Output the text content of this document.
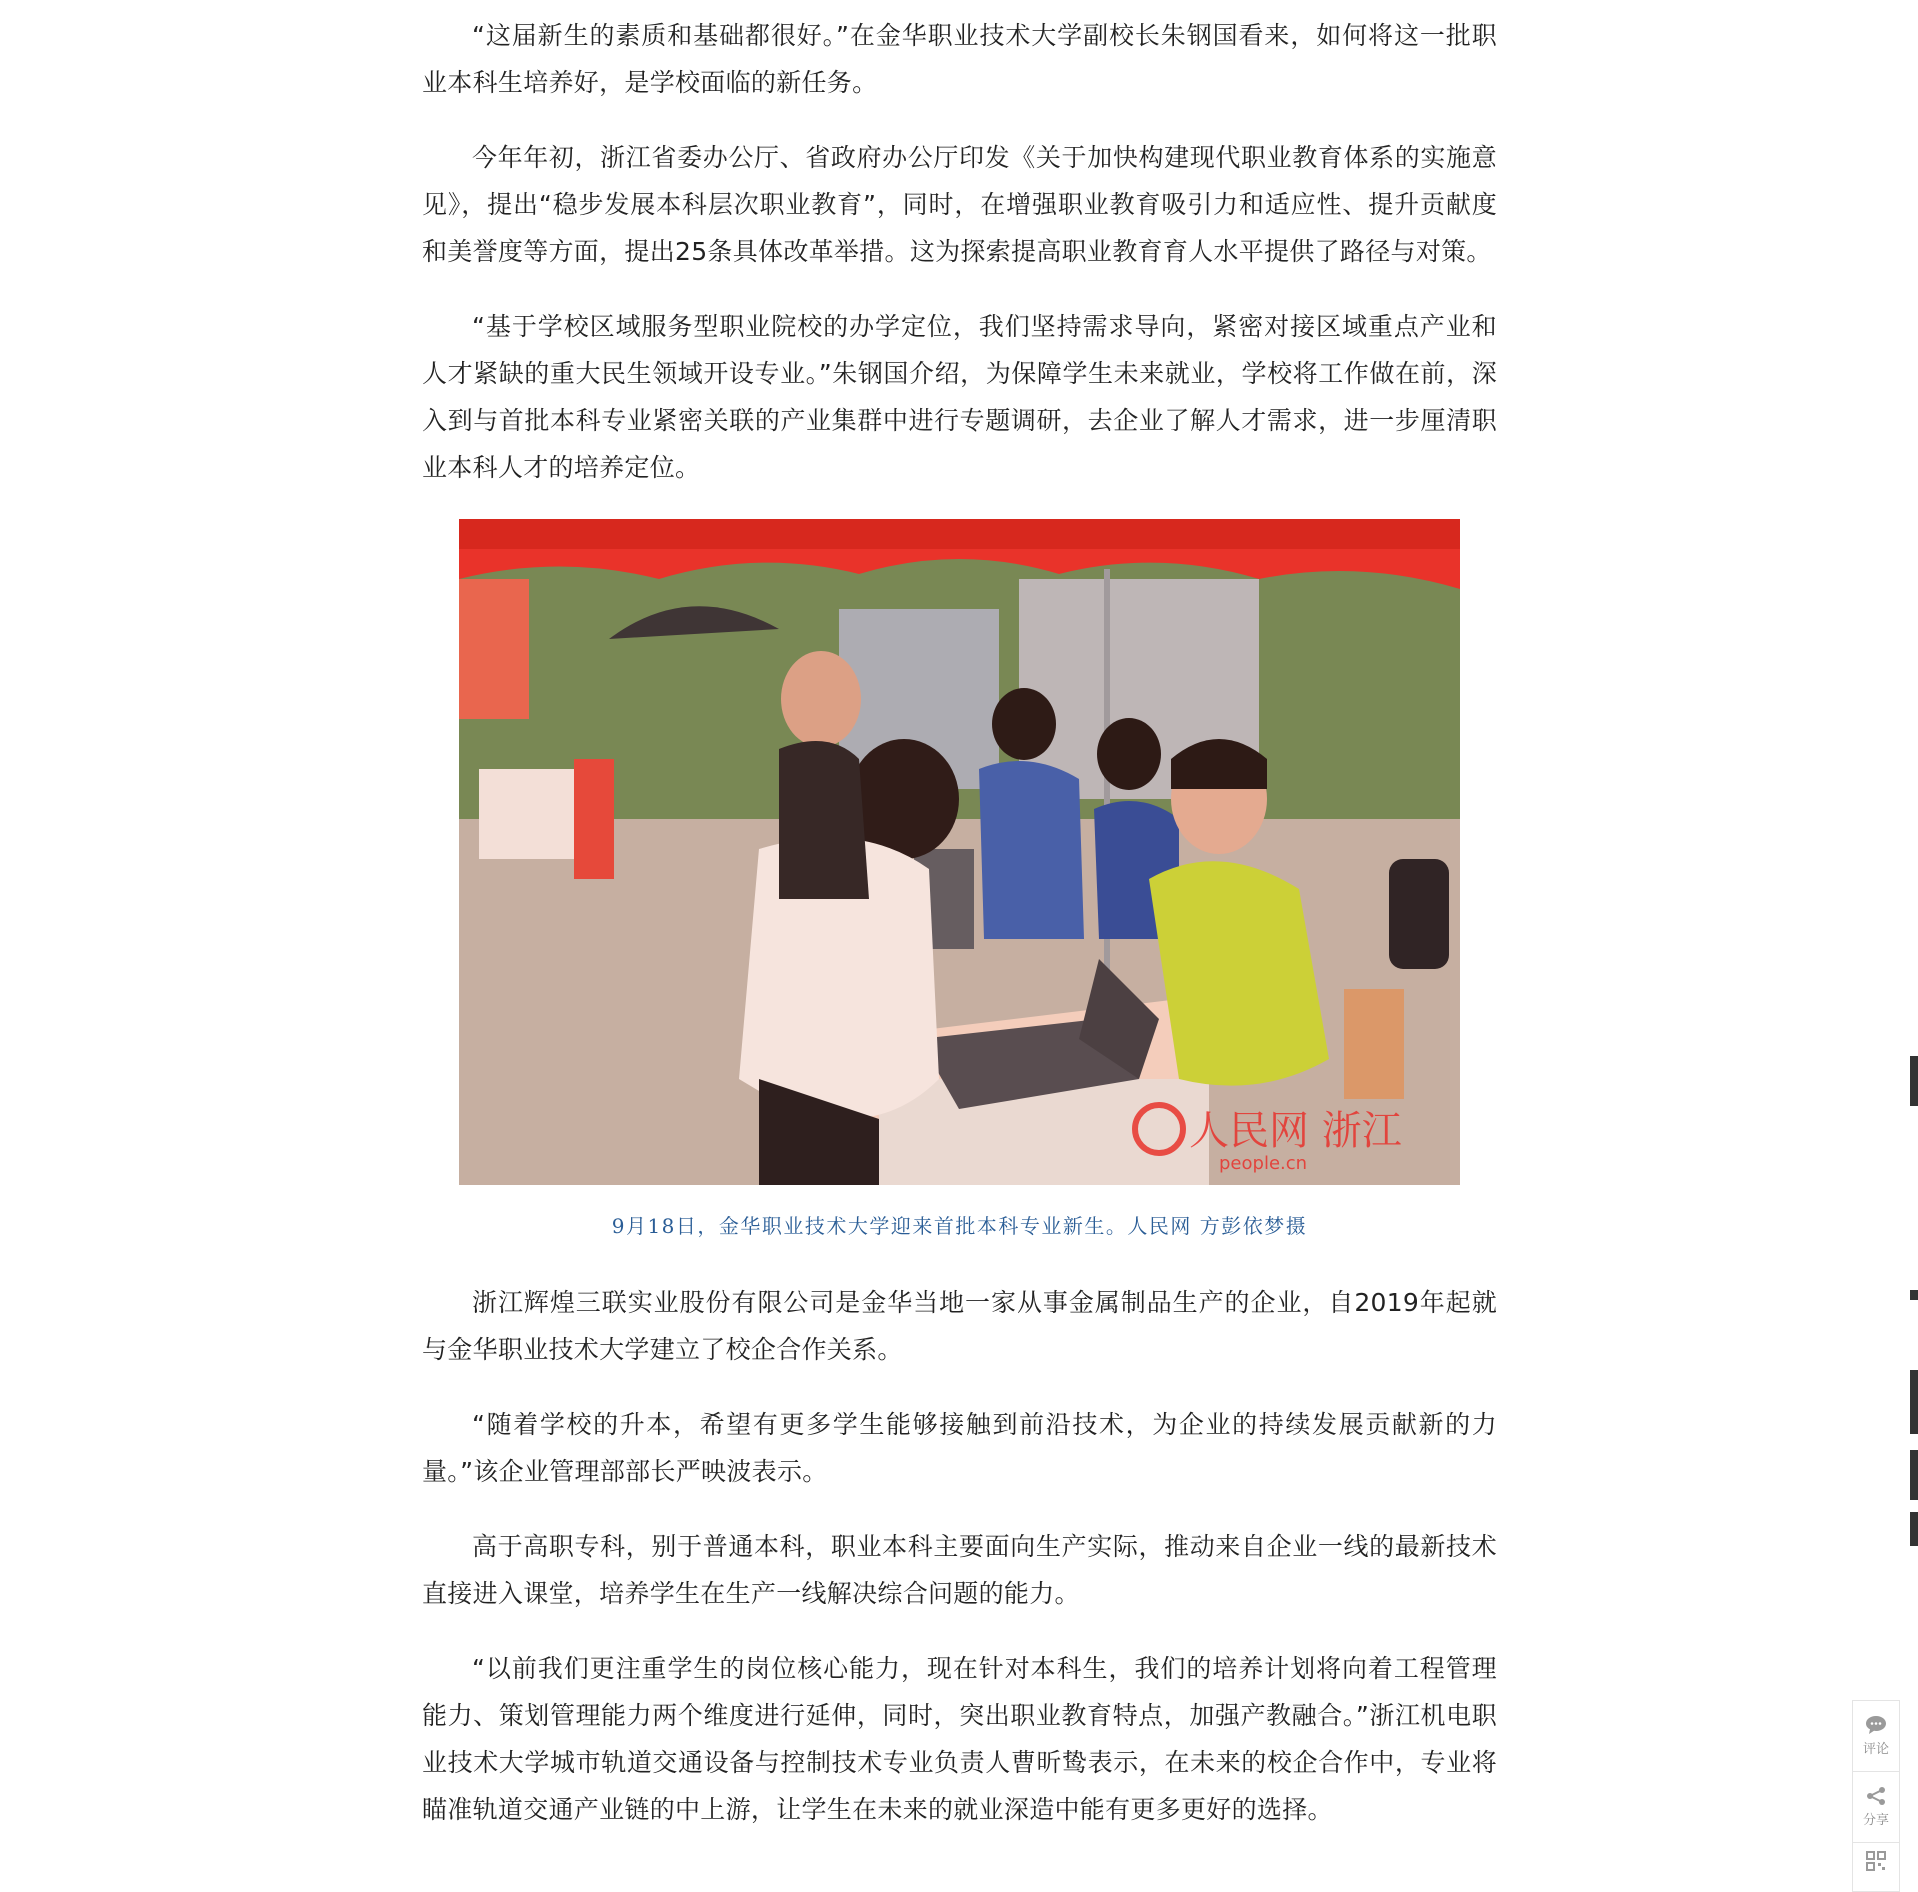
“这届新生的素质和基础都很好。”在金华职业技术大学副校长朱钢国看来，如何将这一批职业本科生培养好，是学校面临的新任务。

今年年初，浙江省委办公厅、省政府办公厅印发《关于加快构建现代职业教育体系的实施意见》，提出“稳步发展本科层次职业教育”，同时，在增强职业教育吸引力和适应性、提升贡献度和美誉度等方面，提出25条具体改革举措。这为探索提高职业教育育人水平提供了路径与对策。

“基于学校区域服务型职业院校的办学定位，我们坚持需求导向，紧密对接区域重点产业和人才紧缺的重大民生领域开设专业。”朱钢国介绍，为保障学生未来就业，学校将工作做在前，深入到与首批本科专业紧密关联的产业集群中进行专题调研，去企业了解人才需求，进一步厘清职业本科人才的培养定位。

人民网 浙江
people.cn
9月18日，金华职业技术大学迎来首批本科专业新生。人民网 方彭依梦摄

浙江辉煌三联实业股份有限公司是金华当地一家从事金属制品生产的企业，自2019年起就与金华职业技术大学建立了校企合作关系。

“随着学校的升本，希望有更多学生能够接触到前沿技术，为企业的持续发展贡献新的力量。”该企业管理部部长严映波表示。

高于高职专科，别于普通本科，职业本科主要面向生产实际，推动来自企业一线的最新技术直接进入课堂，培养学生在生产一线解决综合问题的能力。

“以前我们更注重学生的岗位核心能力，现在针对本科生，我们的培养计划将向着工程管理能力、策划管理能力两个维度进行延伸，同时，突出职业教育特点，加强产教融合。”浙江机电职业技术大学城市轨道交通设备与控制技术专业负责人曹昕鸷表示，在未来的校企合作中，专业将瞄准轨道交通产业链的中上游，让学生在未来的就业深造中能有更多更好的选择。

评论
分享
